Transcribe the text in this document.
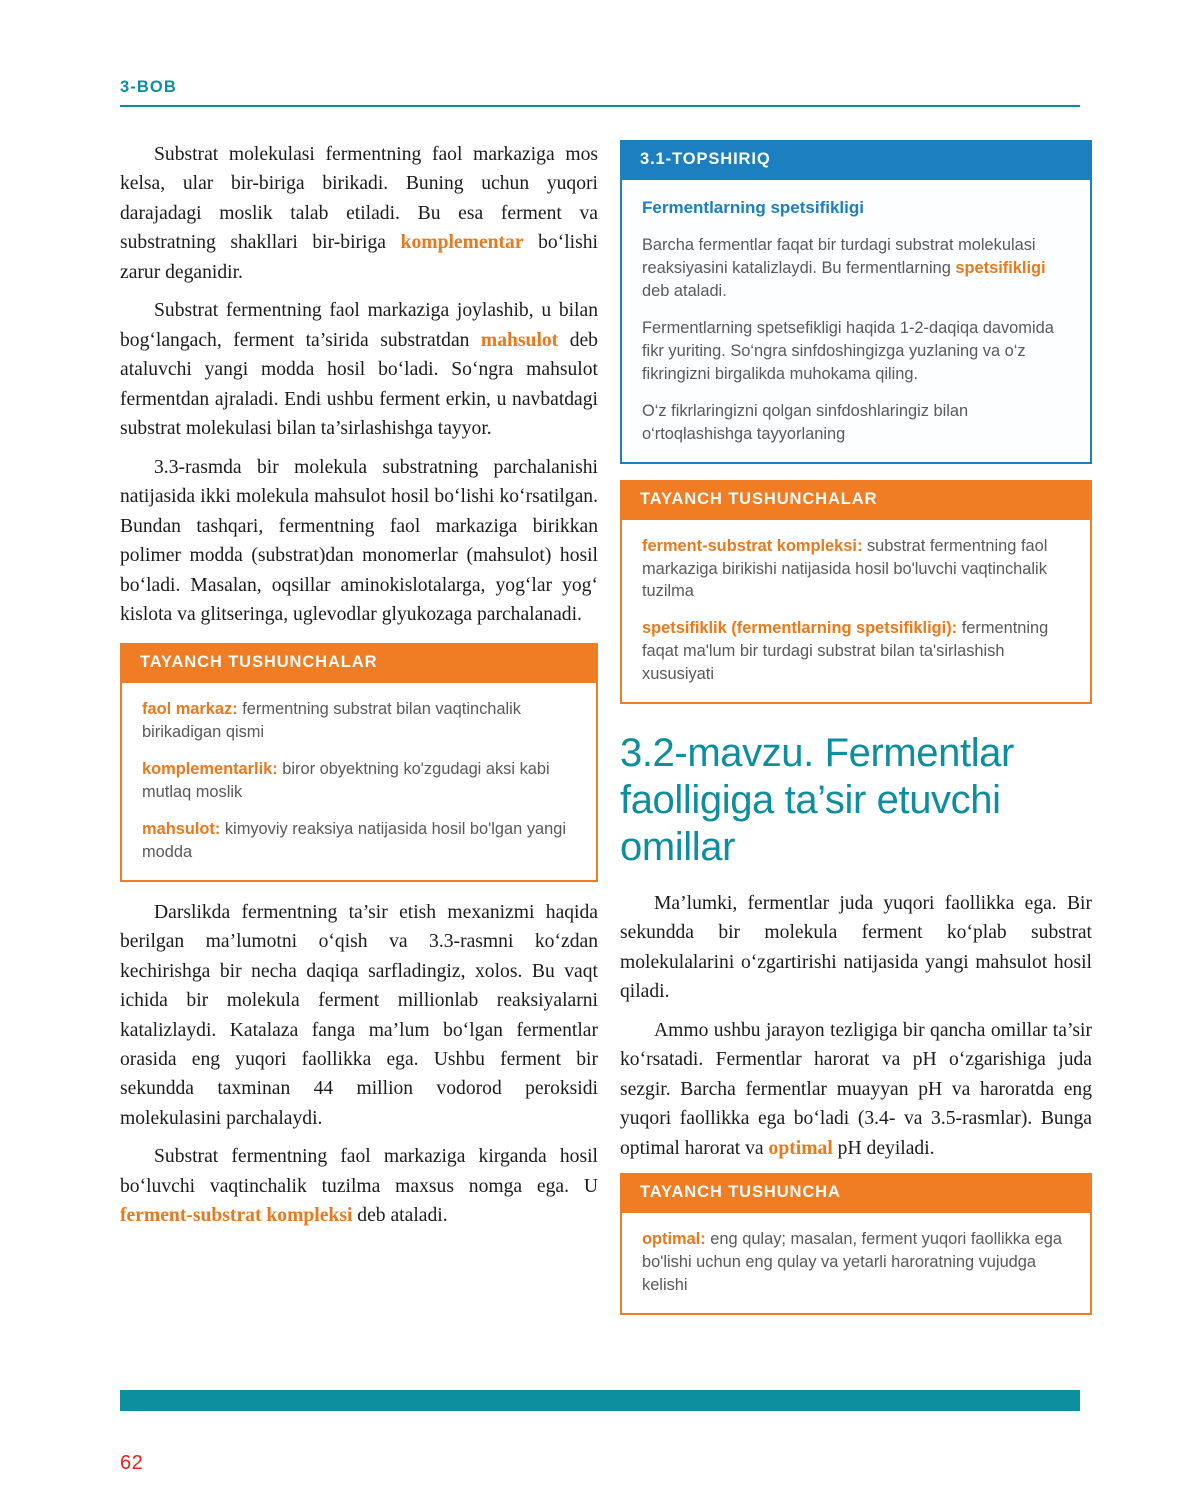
3-BOB

Substrat molekulasi fermentning faol markaziga mos kelsa, ular bir-biriga birikadi. Buning uchun yuqori darajadagi moslik talab etiladi. Bu esa ferment va substratning shakllari bir-biriga komplementar bo‘lishi zarur deganidir.

Substrat fermentning faol markaziga joylashib, u bilan bog‘langach, ferment ta’sirida substratdan mahsulot deb ataluvchi yangi modda hosil bo‘ladi. So‘ngra mahsulot fermentdan ajraladi. Endi ushbu ferment erkin, u navbatdagi substrat molekulasi bilan ta’sirlashishga tayyor.

3.3-rasmda bir molekula substratning parchalanishi natijasida ikki molekula mahsulot hosil bo‘lishi ko‘rsatilgan. Bundan tashqari, fermentning faol markaziga birikkan polimer modda (substrat)dan monomerlar (mahsulot) hosil bo‘ladi. Masalan, oqsillar aminokislotalarga, yog‘lar yog‘ kislota va glitseringa, uglevodlar glyukozaga parchalanadi.

TAYANCH TUSHUNCHALAR

faol markaz: fermentning substrat bilan vaqtinchalik birikadigan qismi

komplementarlik: biror obyektning ko'zgudagi aksi kabi mutlaq moslik

mahsulot: kimyoviy reaksiya natijasida hosil bo'lgan yangi modda

Darslikda fermentning ta’sir etish mexanizmi haqida berilgan ma’lumotni o‘qish va 3.3-rasmni ko‘zdan kechirishga bir necha daqiqa sarfladingiz, xolos. Bu vaqt ichida bir molekula ferment millionlab reaksiyalarni katalizlaydi. Katalaza fanga ma’lum bo‘lgan fermentlar orasida eng yuqori faollikka ega. Ushbu ferment bir sekundda taxminan 44 million vodorod peroksidi molekulasini parchalaydi.

Substrat fermentning faol markaziga kirganda hosil bo‘luvchi vaqtinchalik tuzilma maxsus nomga ega. U ferment-substrat kompleksi deb ataladi.

3.1-TOPSHIRIQ
Fermentlarning spetsifikligi

Barcha fermentlar faqat bir turdagi substrat molekulasi reaksiyasini katalizlaydi. Bu fermentlarning spetsifikligi deb ataladi.

Fermentlarning spetsefikligi haqida 1-2-daqiqa davomida fikr yuriting. So‘ngra sinfdoshingizga yuzlaning va o‘z fikringizni birgalikda muhokama qiling.

O‘z fikrlaringizni qolgan sinfdoshlaringiz bilan o‘rtoqlashishga tayyorlaning

TAYANCH TUSHUNCHALAR

ferment-substrat kompleksi: substrat fermentning faol markaziga birikishi natijasida hosil bo'luvchi vaqtinchalik tuzilma

spetsifiklik (fermentlarning spetsifikligi): fermentning faqat ma'lum bir turdagi substrat bilan ta'sirlashish xususiyati

3.2-mavzu. Fermentlar faolligiga ta’sir etuvchi omillar

Ma’lumki, fermentlar juda yuqori faollikka ega. Bir sekundda bir molekula ferment ko‘plab substrat molekulalarini o‘zgartirishi natijasida yangi mahsulot hosil qiladi.

Ammo ushbu jarayon tezligiga bir qancha omillar ta’sir ko‘rsatadi. Fermentlar harorat va pH o‘zgarishiga juda sezgir. Barcha fermentlar muayyan pH va haroratda eng yuqori faollikka ega bo‘ladi (3.4- va 3.5-rasmlar). Bunga optimal harorat va optimal pH deyiladi.

TAYANCH TUSHUNCHA

optimal: eng qulay; masalan, ferment yuqori faollikka ega bo'lishi uchun eng qulay va yetarli haroratning vujudga kelishi

62
